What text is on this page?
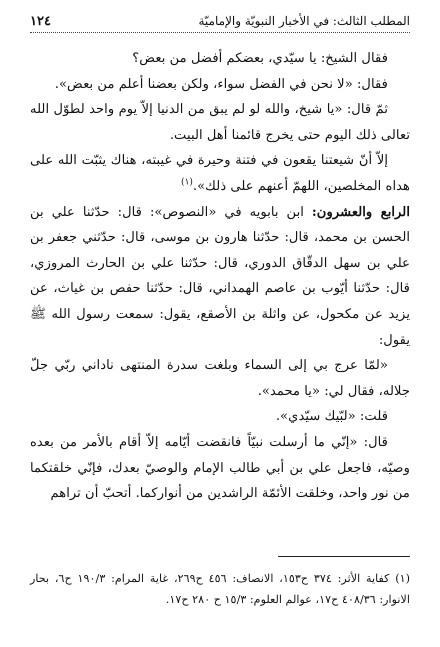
المطلب الثالث: في الأخبار النبويّة والإماميّة
١٢٤

فقال الشيخ: يا سيّدي، بعضكم أفضل من بعض؟

فقال: «لا نحن في الفضل سواء، ولكن بعضنا أعلم من بعض».

ثمّ قال: «يا شيخ، والله لو لم يبق من الدنيا إلاّ يوم واحد لطوّل الله تعالى ذلك اليوم حتى يخرج قائمنا أهل البيت.

إلاّ أنّ شيعتنا يقعون في فتنة وحيرة في غيبته، هناك يثبّت الله على هداه المخلصين، اللهمّ أعنهم على ذلك».$^{(١)}$

الرابع والعشرون: ابن بابويه في «النصوص»: قال: حدّثنا علي بن الحسن بن محمد، قال: حدّثنا هارون بن موسى، قال: حدّثني جعفر بن علي بن سهل الدقّاق الدوري، قال: حدّثنا علي بن الحارث المروزي، قال: حدّثنا أيّوب بن عاصم الهمداني، قال: حدّثنا حفص بن غياث، عن يزيد عن مكحول، عن واثلة بن الأصقع، يقول: سمعت رسول الله ﷺ يقول:

«لمّا عرج بي إلى السماء وبلغت سدرة المنتهى ناداني ربّي جلّ جلاله، فقال لي: «يا محمد».

قلت: «لبّيك سيّدي».

قال: «إنّي ما أرسلت نبيّاً فانقضت أيّامه إلاّ أقام بالأمر من بعده وصيّه، فاجعل علي بن أبي طالب الإمام والوصيّ بعدك، فإنّي خلقتكما من نور واحد، وخلقت الأئمّة الراشدين من أنواركما. أتحبّ أن تراهم

(١) كفاية الأثر: ٣٧٤ ح١٥٣، الانصاف: ٤٥٦ ح٢٦٩، غاية المرام: ١٩٠/٣ ح٦، بحار الانوار: ٤٠٨/٣٦ ح١٧، عوالم العلوم: ١٥/٣ ح ٢٨٠ ح١٧.
